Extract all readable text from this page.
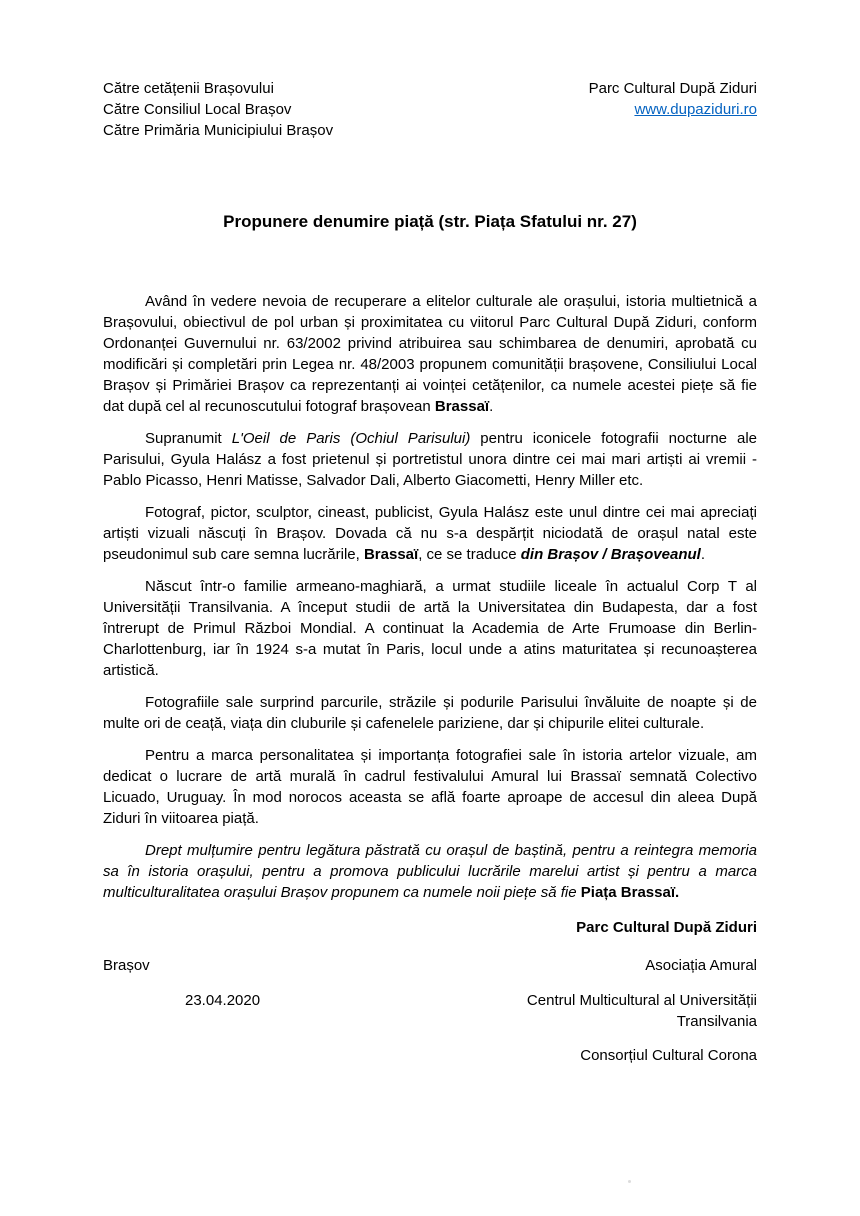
Către cetățenii Brașovului
Către Consiliul Local Brașov
Către Primăria Municipiului Brașov
Parc Cultural După Ziduri
www.dupaziduri.ro
Propunere denumire piață (str. Piața Sfatului nr. 27)

Având în vedere nevoia de recuperare a elitelor culturale ale orașului, istoria multietnică a Brașovului, obiectivul de pol urban și proximitatea cu viitorul Parc Cultural După Ziduri, conform Ordonanței Guvernului nr. 63/2002 privind atribuirea sau schimbarea de denumiri, aprobată cu modificări și completări prin Legea nr. 48/2003 propunem comunității brașovene, Consiliului Local Brașov și Primăriei Brașov ca reprezentanți ai voinței cetățenilor, ca numele acestei piețe să fie dat după cel al recunoscutului fotograf brașovean Brassaï.

Supranumit L'Oeil de Paris (Ochiul Parisului) pentru iconicele fotografii nocturne ale Parisului, Gyula Halász a fost prietenul și portretistul unora dintre cei mai mari artiști ai vremii - Pablo Picasso, Henri Matisse, Salvador Dali, Alberto Giacometti, Henry Miller etc.

Fotograf, pictor, sculptor, cineast, publicist, Gyula Halász este unul dintre cei mai apreciați artiști vizuali născuți în Brașov. Dovada că nu s-a despărțit niciodată de orașul natal este pseudonimul sub care semna lucrările, Brassaï, ce se traduce din Brașov / Brașoveanul.

Născut într-o familie armeano-maghiară, a urmat studiile liceale în actualul Corp T al Universității Transilvania. A început studii de artă la Universitatea din Budapesta, dar a fost întrerupt de Primul Război Mondial. A continuat la Academia de Arte Frumoase din Berlin-Charlottenburg, iar în 1924 s-a mutat în Paris, locul unde a atins maturitatea și recunoașterea artistică.

Fotografiile sale surprind parcurile, străzile și podurile Parisului învăluite de noapte și de multe ori de ceață, viața din cluburile și cafenelele pariziene, dar și chipurile elitei culturale.

Pentru a marca personalitatea și importanța fotografiei sale în istoria artelor vizuale, am dedicat o lucrare de artă murală în cadrul festivalului Amural lui Brassaï semnată Colectivo Licuado, Uruguay. În mod norocos aceasta se află foarte aproape de accesul din aleea După Ziduri în viitoarea piață.

Drept mulțumire pentru legătura păstrată cu orașul de baștină, pentru a reintegra memoria sa în istoria orașului, pentru a promova publicului lucrările marelui artist și pentru a marca multiculturalitatea orașului Brașov propunem ca numele noii piețe să fie Piața Brassaï.

Parc Cultural După Ziduri
Brașov	Asociația Amural
23.04.2020	Centrul Multicultural al Universității Transilvania
Consorțiul Cultural Corona
